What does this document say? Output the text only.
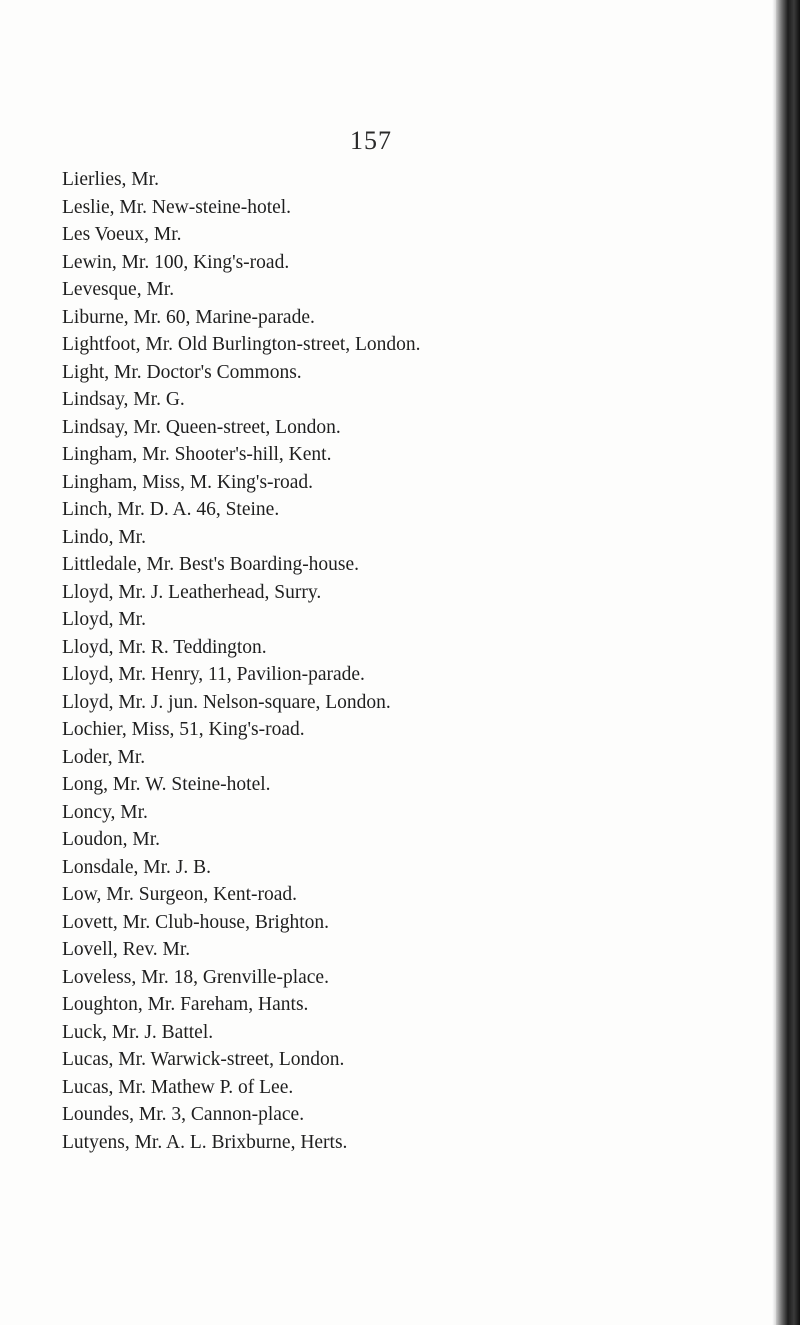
157
Lierlies, Mr.
Leslie, Mr. New-steine-hotel.
Les Voeux, Mr.
Lewin, Mr. 100, King's-road.
Levesque, Mr.
Liburne, Mr. 60, Marine-parade.
Lightfoot, Mr. Old Burlington-street, London.
Light, Mr. Doctor's Commons.
Lindsay, Mr. G.
Lindsay, Mr. Queen-street, London.
Lingham, Mr. Shooter's-hill, Kent.
Lingham, Miss, M. King's-road.
Linch, Mr. D. A. 46, Steine.
Lindo, Mr.
Littledale, Mr. Best's Boarding-house.
Lloyd, Mr. J. Leatherhead, Surry.
Lloyd, Mr.
Lloyd, Mr. R. Teddington.
Lloyd, Mr. Henry, 11, Pavilion-parade.
Lloyd, Mr. J. jun. Nelson-square, London.
Lochier, Miss, 51, King's-road.
Loder, Mr.
Long, Mr. W. Steine-hotel.
Loncy, Mr.
Loudon, Mr.
Lonsdale, Mr. J. B.
Low, Mr. Surgeon, Kent-road.
Lovett, Mr. Club-house, Brighton.
Lovell, Rev. Mr.
Loveless, Mr. 18, Grenville-place.
Loughton, Mr. Fareham, Hants.
Luck, Mr. J. Battel.
Lucas, Mr. Warwick-street, London.
Lucas, Mr. Mathew P. of Lee.
Loundes, Mr. 3, Cannon-place.
Lutyens, Mr. A. L. Brixburne, Herts.
